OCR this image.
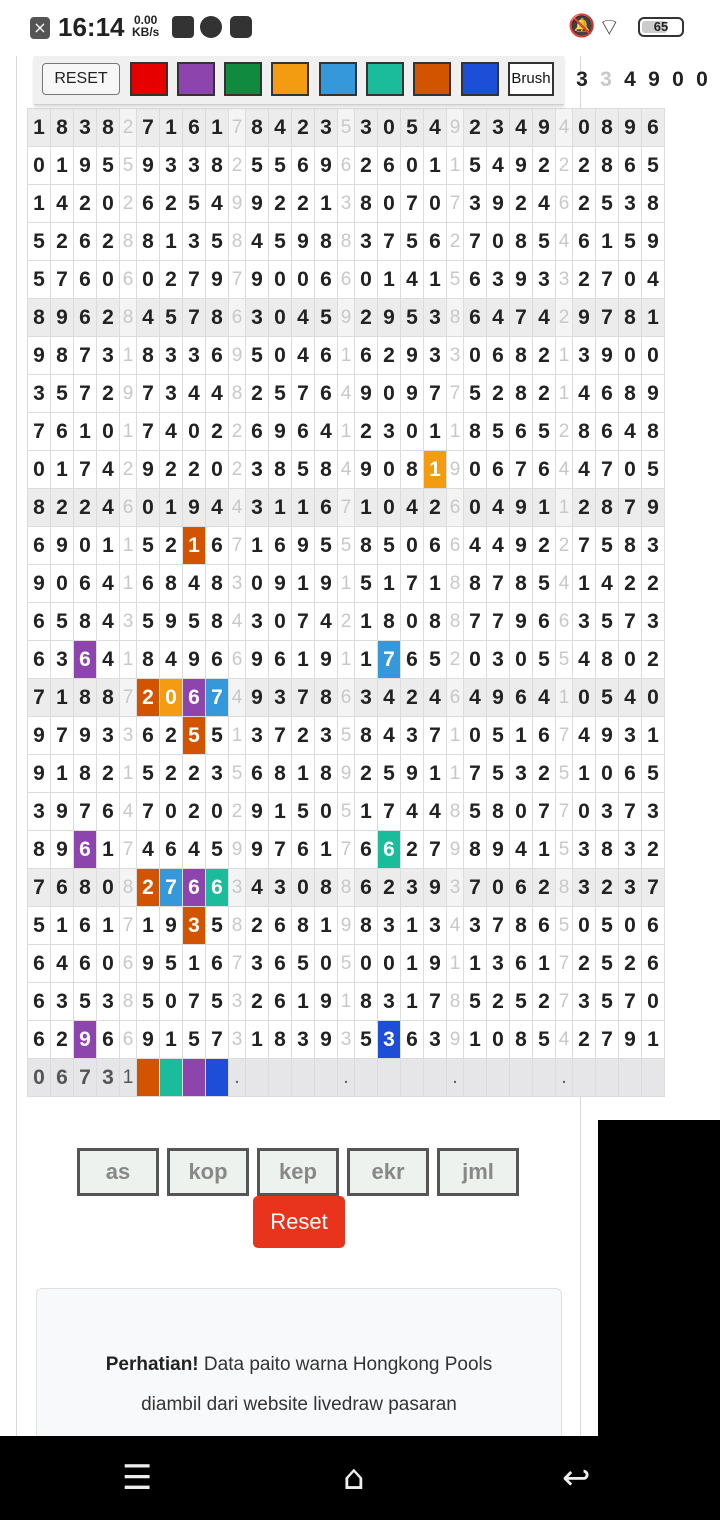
× 16:14 0.00
KB/s	🔕 ⌔	65
1	8	3	8	2	7	1	6	1	7	8	4	2	3	5	3	0	5	4	9	2	3	4	9	4	0	8	9	6
0	1	9	5	5	9	3	3	8	2	5	5	6	9	6	2	6	0	1	1	5	4	9	2	2	2	8	6	5
1	4	2	0	2	6	2	5	4	9	9	2	2	1	3	8	0	7	0	7	3	9	2	4	6	2	5	3	8
5	2	6	2	8	8	1	3	5	8	4	5	9	8	8	3	7	5	6	2	7	0	8	5	4	6	1	5	9
5	7	6	0	6	0	2	7	9	7	9	0	0	6	6	0	1	4	1	5	6	3	9	3	3	2	7	0	4
8	9	6	2	8	4	5	7	8	6	3	0	4	5	9	2	9	5	3	8	6	4	7	4	2	9	7	8	1
9	8	7	3	1	8	3	3	6	9	5	0	4	6	1	6	2	9	3	3	0	6	8	2	1	3	9	0	0
3	5	7	2	9	7	3	4	4	8	2	5	7	6	4	9	0	9	7	7	5	2	8	2	1	4	6	8	9
7	6	1	0	1	7	4	0	2	2	6	9	6	4	1	2	3	0	1	1	8	5	6	5	2	8	6	4	8
0	1	7	4	2	9	2	2	0	2	3	8	5	8	4	9	0	8	1	9	0	6	7	6	4	4	7	0	5
8	2	2	4	6	0	1	9	4	4	3	1	1	6	7	1	0	4	2	6	0	4	9	1	1	2	8	7	9
6	9	0	1	1	5	2	1	6	7	1	6	9	5	5	8	5	0	6	6	4	4	9	2	2	7	5	8	3
9	0	6	4	1	6	8	4	8	3	0	9	1	9	1	5	1	7	1	8	8	7	8	5	4	1	4	2	2
6	5	8	4	3	5	9	5	8	4	3	0	7	4	2	1	8	0	8	8	7	7	9	6	6	3	5	7	3
6	3	6	4	1	8	4	9	6	6	9	6	1	9	1	1	7	6	5	2	0	3	0	5	5	4	8	0	2
7	1	8	8	7	2	0	6	7	4	9	3	7	8	6	3	4	2	4	6	4	9	6	4	1	0	5	4	0
9	7	9	3	3	6	2	5	5	1	3	7	2	3	5	8	4	3	7	1	0	5	1	6	7	4	9	3	1
9	1	8	2	1	5	2	2	3	5	6	8	1	8	9	2	5	9	1	1	7	5	3	2	5	1	0	6	5
3	9	7	6	4	7	0	2	0	2	9	1	5	0	5	1	7	4	4	8	5	8	0	7	7	0	3	7	3
8	9	6	1	7	4	6	4	5	9	9	7	6	1	7	6	6	2	7	9	8	9	4	1	5	3	8	3	2
7	6	8	0	8	2	7	6	6	3	4	3	0	8	8	6	2	3	9	3	7	0	6	2	8	3	2	3	7
5	1	6	1	7	1	9	3	5	8	2	6	8	1	9	8	3	1	3	4	3	7	8	6	5	0	5	0	6
6	4	6	0	6	9	5	1	6	7	3	6	5	0	5	0	0	1	9	1	1	3	6	1	7	2	5	2	6
6	3	5	3	8	5	0	7	5	3	2	6	1	9	1	8	3	1	7	8	5	2	5	2	7	3	5	7	0
6	2	9	6	6	9	1	5	7	3	1	8	3	9	3	5	3	6	3	9	1	0	8	5	4	2	7	9	1
0	6	7	3	1					.					.					.					.				
RESET	Brush 3 3 4 9 0 0
as	kop	kep	ekr	jml
Reset
Perhatian! Data paito warna Hongkong Pools diambil dari website livedraw pasaran
☰	⌂	↩
